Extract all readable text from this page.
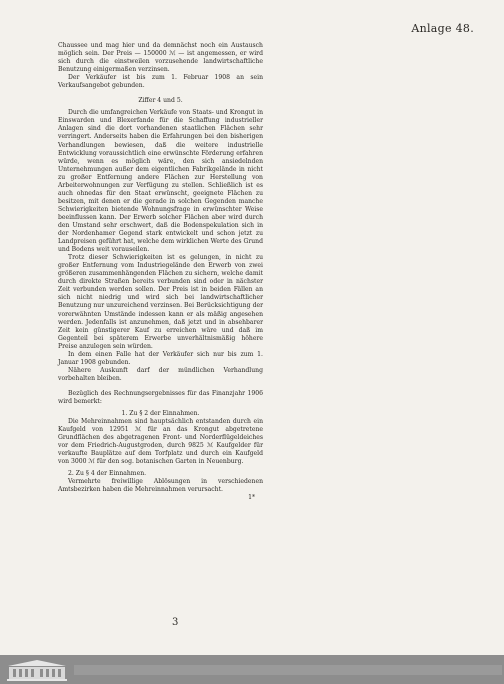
Anlage 48.

Chaussee und mag hier und da demnächst noch ein Austausch möglich sein. Der Preis — 150000 ℳ — ist angemessen, er wird sich durch die einstweilen vorzusehende landwirtschaftliche Benutzung einigermaßen verzinsen.

Der Verkäufer ist bis zum 1. Februar 1908 an sein Verkaufsangebot gebunden.

Ziffer 4 und 5.

Durch die umfangreichen Verkäufe von Staats- und Krongut in Einswarden und Blexerfande für die Schaffung industrieller Anlagen sind die dort vorhandenen staatlichen Flächen sehr verringert. Anderseits haben die Erfahrungen bei den bisherigen Verhandlungen bewiesen, daß die weitere industrielle Entwicklung voraussichtlich eine erwünschte Förderung erfahren würde, wenn es möglich wäre, den sich ansiedelnden Unternehmungen außer dem eigentlichen Fabrikgelände in nicht zu großer Entfernung andere Flächen zur Herstellung von Arbeiterwohnungen zur Verfügung zu stellen. Schließlich ist es auch ohnedas für den Staat erwünscht, geeignete Flächen zu besitzen, mit denen er die gerade in solchen Gegenden manche Schwierigkeiten bietende Wohnungsfrage in erwünschter Weise beeinflussen kann. Der Erwerb solcher Flächen aber wird durch den Umstand sehr erschwert, daß die Bodenspekulation sich in der Nordenhamer Gegend stark entwickelt und schon jetzt zu Landpreisen geführt hat, welche dem wirklichen Werte des Grund und Bodens weit vorauseilen.

Trotz dieser Schwierigkeiten ist es gelungen, in nicht zu großer Entfernung vom Industriegelände den Erwerb von zwei größeren zusammenhängenden Flächen zu sichern, welche damit durch direkte Straßen bereits verbunden sind oder in nächster Zeit verbunden werden sollen. Der Preis ist in beiden Fällen an sich nicht niedrig und wird sich bei landwirtschaftlicher Benutzung nur unzureichend verzinsen. Bei Berücksichtigung der vorerwähnten Umstände indessen kann er als mäßig angesehen werden. Jedenfalls ist anzunehmen, daß jetzt und in absehbarer Zeit kein günstigerer Kauf zu erreichen wäre und daß im Gegenteil bei späterem Erwerbe unverhältnismäßig höhere Preise anzulegen sein würden.

In dem einen Falle hat der Verkäufer sich nur bis zum 1. Januar 1908 gebunden.

Nähere Auskunft darf der mündlichen Verhandlung vorbehalten bleiben.

Bezüglich des Rechnungsergebnisses für das Finanzjahr 1906 wird bemerkt:

1. Zu § 2 der Einnahmen.

Die Mehreinnahmen sind hauptsächlich entstanden durch ein Kaufgeld von 12951 ℳ für an das Krongut abgetretene Grundflächen des abgetragenen Front- und Norderflügeldeiches vor dem Friedrich-Augustgroden, durch 9825 ℳ Kaufgelder für verkaufte Bauplätze auf dem Torfplatz und durch ein Kaufgeld von 3000 ℳ für den sog. botanischen Garten in Neuenburg.

2. Zu § 4 der Einnahmen.

Vermehrte freiwillige Ablösungen in verschiedenen Amtsbezirken haben die Mehreinnahmen verursacht.

1*

3
